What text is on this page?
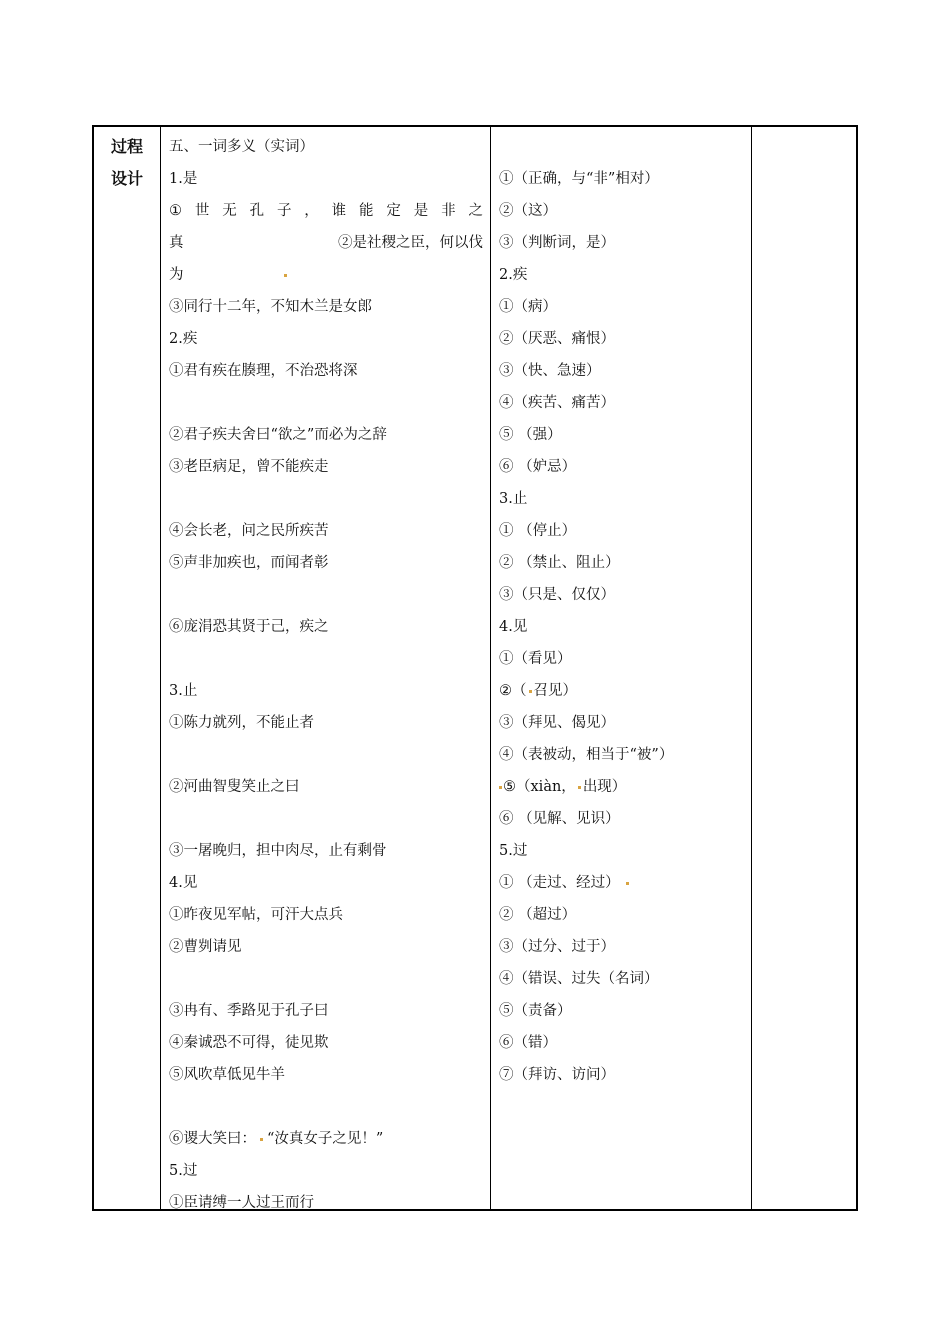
过程
设计
五、一词多义（实词）
1.是
① 世 无 孔 子 ， 谁 能 定 是 非 之
真	②是社稷之臣，何以伐
为
③同行十二年，不知木兰是女郎
2.疾
①君有疾在腠理，不治恐将深
②君子疾夫舍曰“欲之”而必为之辞
③老臣病足，曾不能疾走
④会长老，问之民所疾苦
⑤声非加疾也，而闻者彰
⑥庞涓恐其贤于己，疾之
3.止
①陈力就列，不能止者
②河曲智叟笑止之曰
③一屠晚归，担中肉尽，止有剩骨
4.见
①昨夜见军帖，可汗大点兵
②曹刿请见
③冉有、季路见于孔子曰
④秦诚恐不可得，徒见欺
⑤风吹草低见牛羊
⑥谡大笑曰： “汝真女子之见！”
5.过
①臣请缚一人过王而行
①（正确，与“非”相对）
②（这）
③（判断词，是）
2.疾
①（病）
②（厌恶、痛恨）
③（快、急速）
④（疾苦、痛苦）
⑤ （强）
⑥ （妒忌）
3.止
① （停止）
② （禁止、阻止）
③（只是、仅仅）
4.见
①（看见）
②（ 召见）
③（拜见、偈见）
④（表被动，相当于“被”）
⑤（xiàn， 出现）
⑥ （见解、见识）
5.过
① （走过、经过）
② （超过）
③（过分、过于）
④（错误、过失（名词）
⑤（责备）
⑥（错）
⑦（拜访、访问）
